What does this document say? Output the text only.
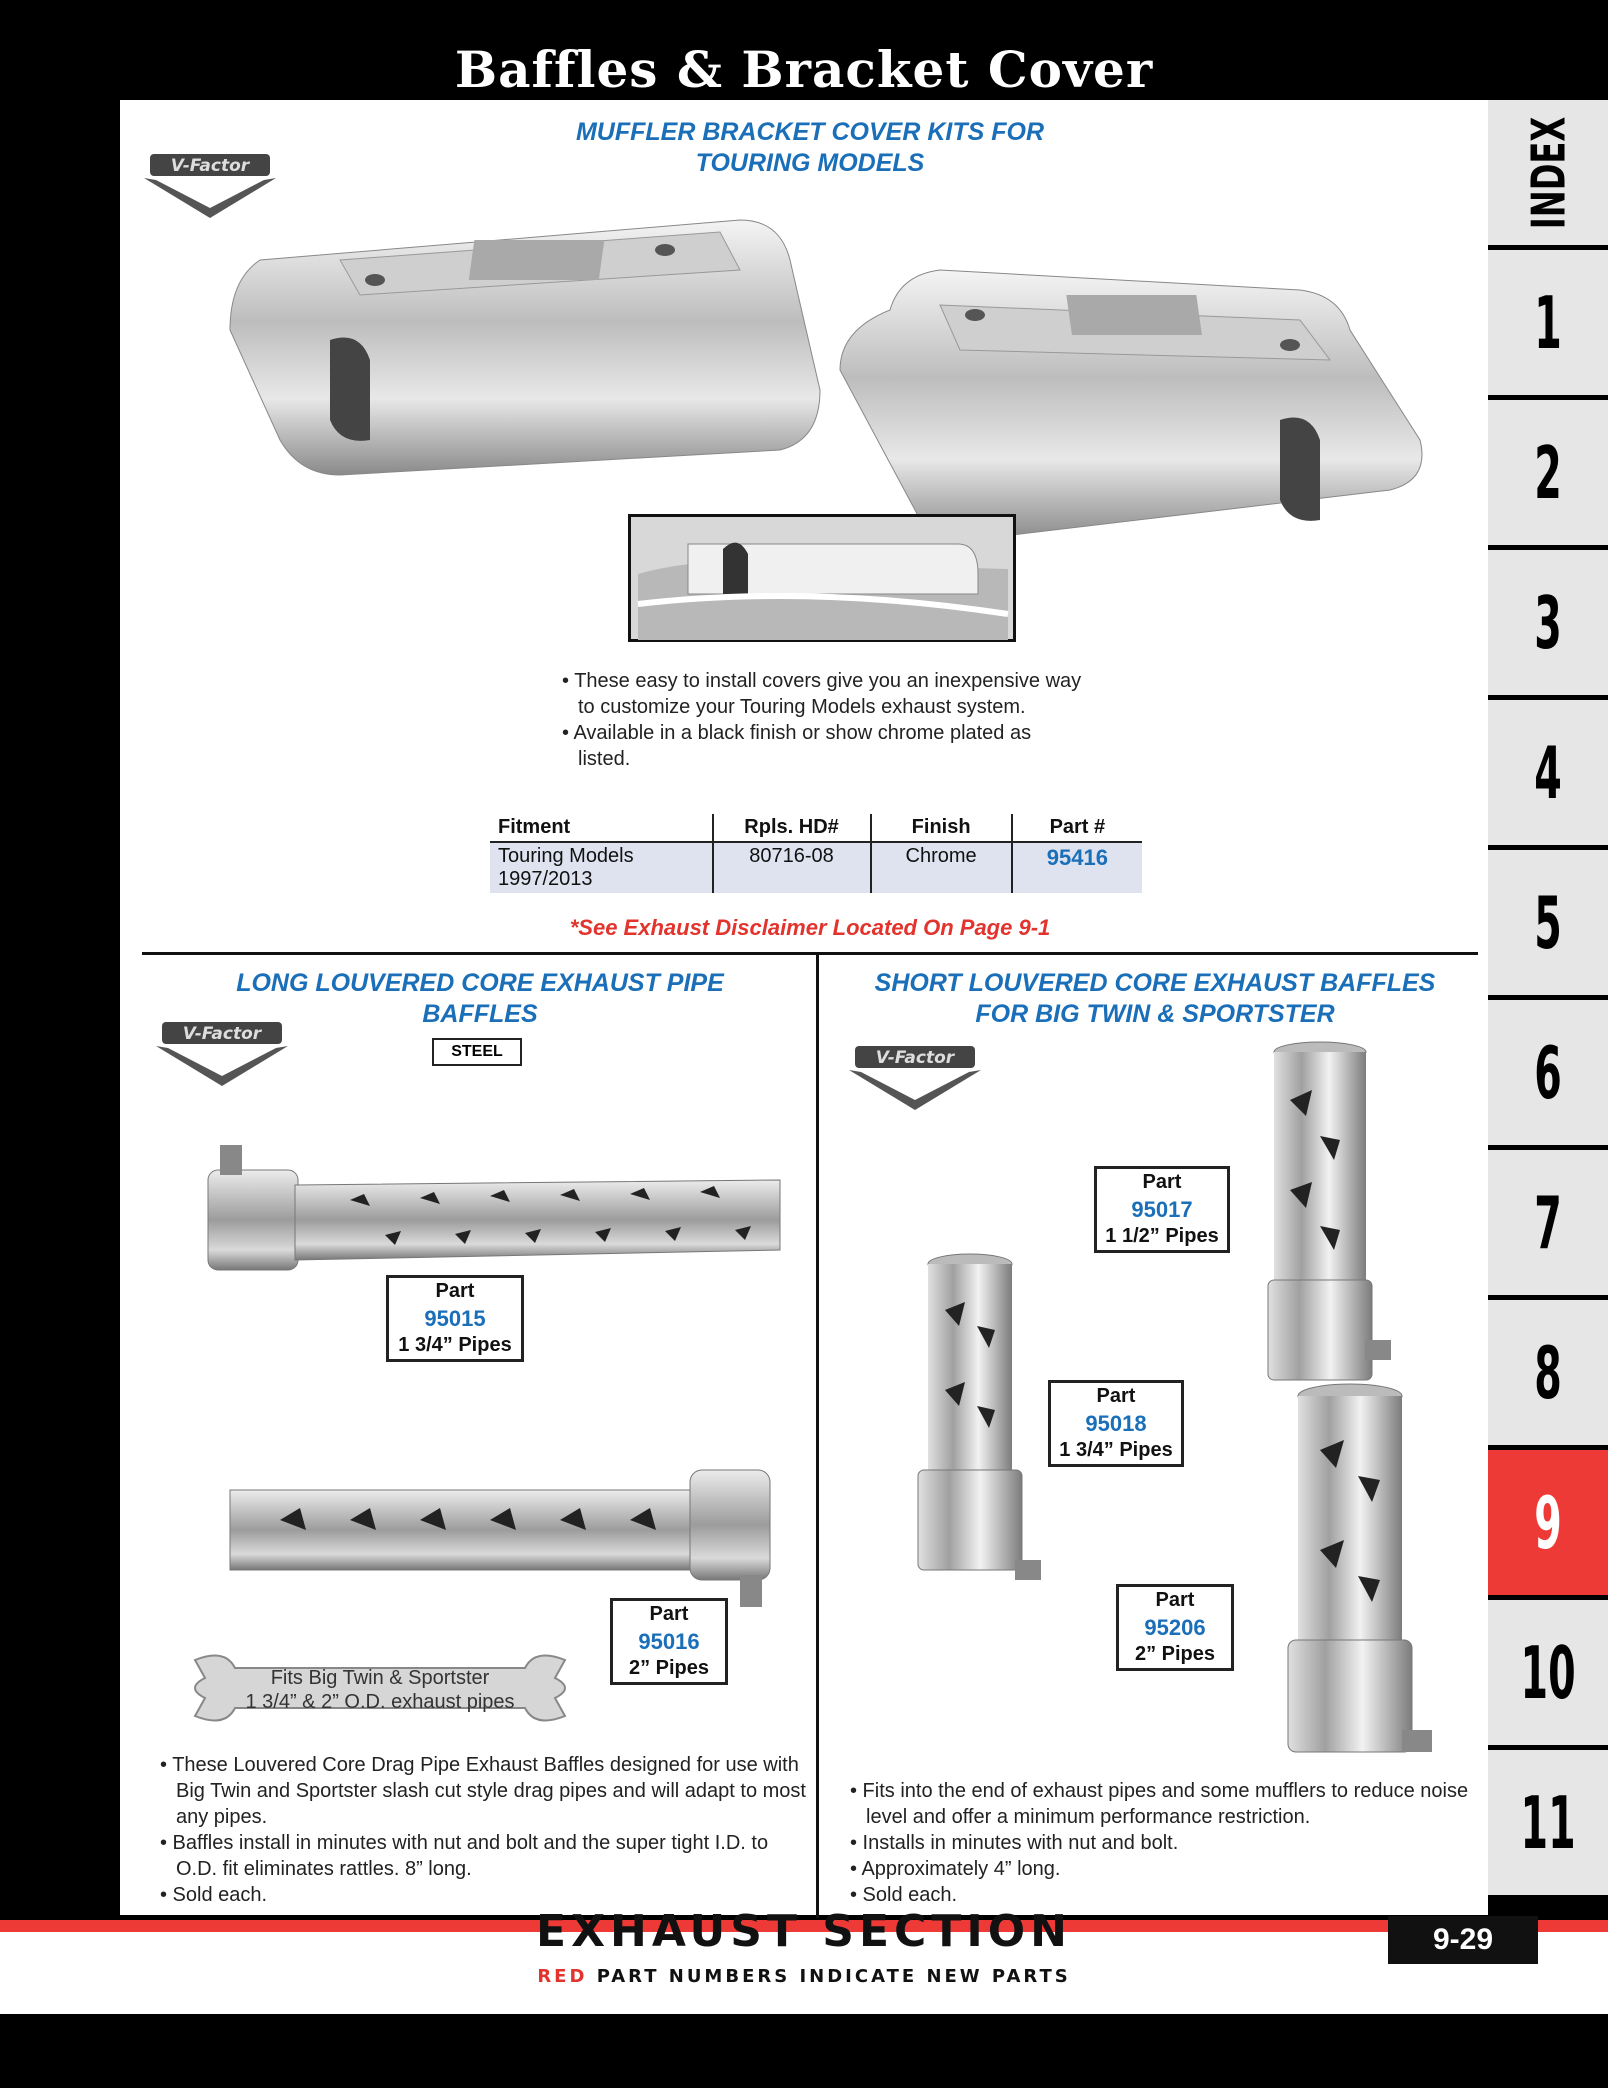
Baffles & Bracket Cover
INDEX
1
2
3
4
5
6
7
8
9
10
11
V-Factor
MUFFLER BRACKET COVER KITS FOR
TOURING MODELS
• These easy to install covers give you an inexpensive way to customize your Touring Models exhaust system.
• Available in a black finish or show chrome plated as listed.
Fitment	Rpls. HD#	Finish	Part #

Touring Models
1997/2013	80716-08	Chrome	95416
*See Exhaust Disclaimer Located On Page 9-1
LONG LOUVERED CORE EXHAUST PIPE
BAFFLES
V-Factor
STEEL
Part
95015
1 3/4” Pipes
Part
95016
2” Pipes
Fits Big Twin & Sportster
1 3/4” & 2” O.D. exhaust pipes
• These Louvered Core Drag Pipe Exhaust Baffles designed for use with Big Twin and Sportster slash cut style drag pipes and will adapt to most any pipes.
• Baffles install in minutes with nut and bolt and the super tight I.D. to O.D. fit eliminates rattles. 8” long.
• Sold each.
SHORT LOUVERED CORE EXHAUST BAFFLES
FOR BIG TWIN & SPORTSTER
V-Factor
Part
95017
1 1/2” Pipes
Part
95018
1 3/4” Pipes
Part
95206
2” Pipes
• Fits into the end of exhaust pipes and some mufflers to reduce noise level and offer a minimum performance restriction.
• Installs in minutes with nut and bolt.
• Approximately 4” long.
• Sold each.
EXHAUST SECTION
RED PART NUMBERS INDICATE NEW PARTS
9-29
